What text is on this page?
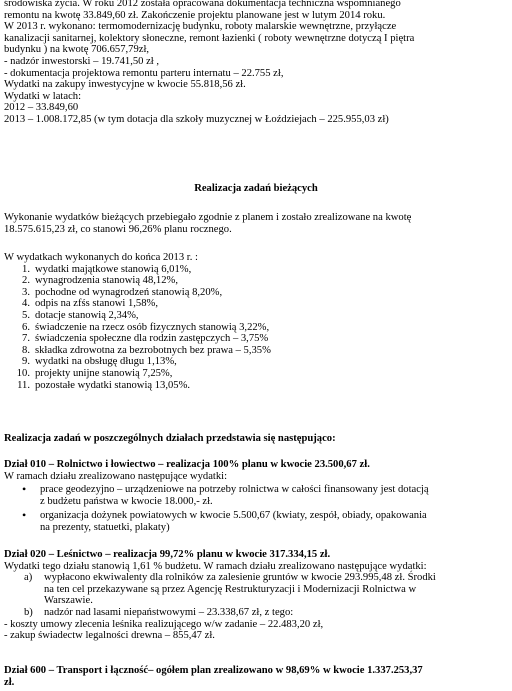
środowiska życia. W roku 2012 została opracowana dokumentacja techniczna wspomnianego

remontu na kwotę 33.849,60 zł. Zakończenie projektu planowane jest w lutym 2014 roku.

W 2013 r. wykonano: termomodernizację budynku, roboty malarskie wewnętrzne, przyłącze

kanalizacji sanitarnej, kolektory słoneczne, remont łazienki ( roboty wewnętrzne dotyczą I piętra

budynku ) na kwotę 706.657,79zł,

- nadzór inwestorski – 19.741,50 zł ,

- dokumentacja projektowa remontu parteru internatu – 22.755 zł,

Wydatki na zakupy inwestycyjne w kwocie 55.818,56 zł.

Wydatki w latach:

2012 – 33.849,60

2013 – 1.008.172,85 (w tym dotacja dla szkoły muzycznej w Łoździejach – 225.955,03 zł)

Realizacja zadań bieżących

Wykonanie wydatków bieżących przebiegało zgodnie z planem i zostało zrealizowane na kwotę

18.575.615,23 zł, co stanowi 96,26% planu rocznego.

W wydatkach wykonanych do końca 2013 r. :

1. wydatki majątkowe stanowią 6,01%,
2. wynagrodzenia stanowią 48,12%,
3. pochodne od wynagrodzeń stanowią 8,20%,
4. odpis na zfśs stanowi 1,58%,
5. dotacje stanowią 2,34%,
6. świadczenie na rzecz osób fizycznych stanowią 3,22%,
7. świadczenia społeczne dla rodzin zastępczych – 3,75%
8. składka zdrowotna za bezrobotnych bez prawa – 5,35%
9. wydatki na obsługę długu 1,13%,
10. projekty unijne stanowią 7,25%,
11. pozostałe wydatki stanowią 13,05%.
Realizacja zadań w poszczególnych działach przedstawia się następująco:

Dział 010 – Rolnictwo i łowiectwo – realizacja 100% planu w kwocie 23.500,67 zł.

W ramach działu zrealizowano następujące wydatki:

• prace geodezyjno – urządzeniowe na potrzeby rolnictwa w całości finansowany jest dotacją
z budżetu państwa w kwocie 18.000,- zł.
• organizacja dożynek powiatowych w kwocie 5.500,67 (kwiaty, zespół, obiady, opakowania
na prezenty, statuetki, plakaty)

Dział 020 – Leśnictwo – realizacja 99,72% planu w kwocie 317.334,15 zł.

Wydatki tego działu stanowią 1,61 % budżetu. W ramach działu zrealizowano następujące wydatki:

a) wypłacono ekwiwalenty dla rolników za zalesienie gruntów w kwocie 293.995,48 zł. Środki
na ten cel przekazywane są przez Agencję Restrukturyzacji i Modernizacji Rolnictwa w
Warszawie.
b) nadzór nad lasami niepaństwowymi – 23.338,67 zł, z tego:

- koszty umowy zlecenia leśnika realizującego w/w zadanie – 22.483,20 zł,

- zakup świadectw legalności drewna – 855,47 zł.

Dział 600 – Transport i łączność– ogółem plan zrealizowano w 98,69% w kwocie 1.337.253,37

zł.
